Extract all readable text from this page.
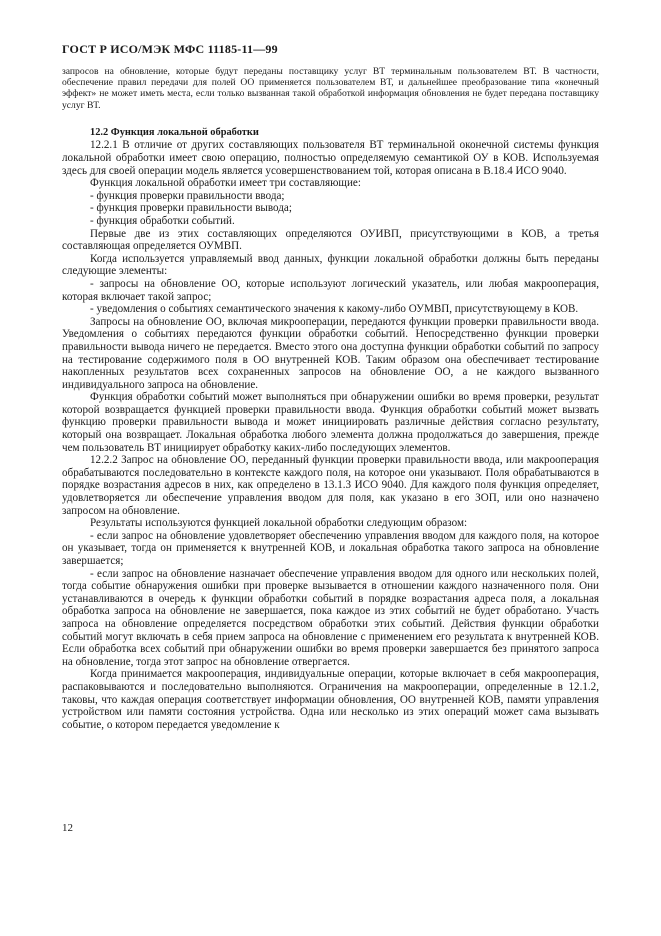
ГОСТ Р ИСО/МЭК МФС 11185-11—99

запросов на обновление, которые будут переданы поставщику услуг ВТ терминальным пользователем ВТ. В частности, обеспечение правил передачи для полей ОО применяется пользователем ВТ, и дальнейшее преобразование типа «конечный эффект» не может иметь места, если только вызванная такой обработкой информация обновления не будет передана поставщику услуг ВТ.

12.2 Функция локальной обработки

12.2.1 В отличие от других составляющих пользователя ВТ терминальной оконечной системы функция локальной обработки имеет свою операцию, полностью определяемую семантикой ОУ в КОВ. Используемая здесь для своей операции модель является усовершенствованием той, которая описана в В.18.4 ИСО 9040.

Функция локальной обработки имеет три составляющие:

- функция проверки правильности ввода;
- функция проверки правильности вывода;
- функция обработки событий.

Первые две из этих составляющих определяются ОУИВП, присутствующими в КОВ, а третья составляющая определяется ОУМВП.

Когда используется управляемый ввод данных, функции локальной обработки должны быть переданы следующие элементы:

- запросы на обновление ОО, которые используют логический указатель, или любая макрооперация, которая включает такой запрос;
- уведомления о событиях семантического значения к какому-либо ОУМВП, присутствующему в КОВ.

Запросы на обновление ОО, включая микрооперации, передаются функции проверки правильности ввода. Уведомления о событиях передаются функции обработки событий. Непосредственно функции проверки правильности вывода ничего не передается. Вместо этого она доступна функции обработки событий по запросу на тестирование содержимого поля в ОО внутренней КОВ. Таким образом она обеспечивает тестирование накопленных результатов всех сохраненных запросов на обновление ОО, а не каждого вызванного индивидуального запроса на обновление.

Функция обработки событий может выполняться при обнаружении ошибки во время проверки, результат которой возвращается функцией проверки правильности ввода. Функция обработки событий может вызвать функцию проверки правильности вывода и может инициировать различные действия согласно результату, который она возвращает. Локальная обработка любого элемента должна продолжаться до завершения, прежде чем пользователь ВТ инициирует обработку каких-либо последующих элементов.

12.2.2 Запрос на обновление ОО, переданный функции проверки правильности ввода, или макрооперация обрабатываются последовательно в контексте каждого поля, на которое они указывают. Поля обрабатываются в порядке возрастания адресов в них, как определено в 13.1.3 ИСО 9040. Для каждого поля функция определяет, удовлетворяется ли обеспечение управления вводом для поля, как указано в его ЗОП, или оно назначено запросом на обновление.

Результаты используются функцией локальной обработки следующим образом:

- если запрос на обновление удовлетворяет обеспечению управления вводом для каждого поля, на которое он указывает, тогда он применяется к внутренней КОВ, и локальная обработка такого запроса на обновление завершается;
- если запрос на обновление назначает обеспечение управления вводом для одного или нескольких полей, тогда событие обнаружения ошибки при проверке вызывается в отношении каждого назначенного поля. Они устанавливаются в очередь к функции обработки событий в порядке возрастания адреса поля, а локальная обработка запроса на обновление не завершается, пока каждое из этих событий не будет обработано. Участь запроса на обновление определяется посредством обработки этих событий. Действия функции обработки событий могут включать в себя прием запроса на обновление с применением его результата к внутренней КОВ. Если обработка всех событий при обнаружении ошибки во время проверки завершается без принятого запроса на обновление, тогда этот запрос на обновление отвергается.

Когда принимается макрооперация, индивидуальные операции, которые включает в себя макрооперация, распаковываются и последовательно выполняются. Ограничения на макрооперации, определенные в 12.1.2, таковы, что каждая операция соответствует информации обновления, ОО внутренней КОВ, памяти управления устройством или памяти состояния устройства. Одна или несколько из этих операций может сама вызывать событие, о котором передается уведомление к

12
